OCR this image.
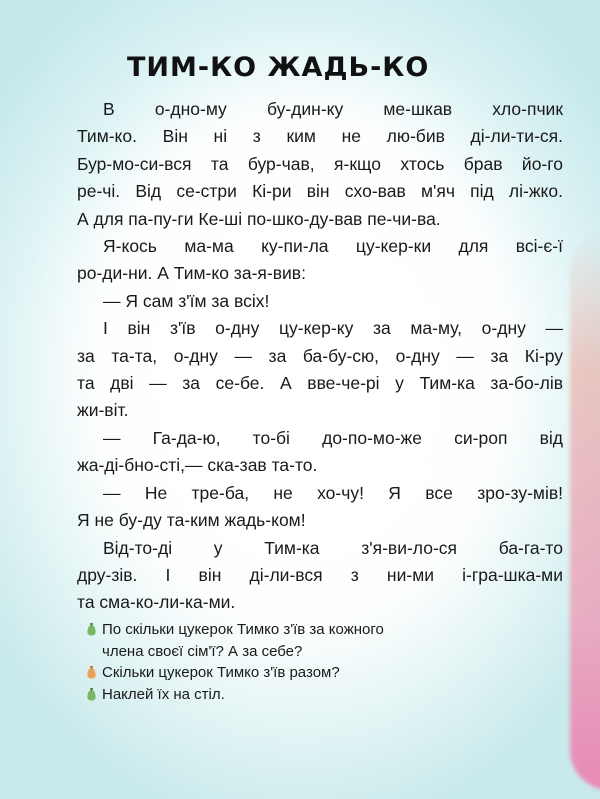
ТИМ-КО ЖАДЬ-КО

В о-дно-му бу-дин-ку ме-шкав хло-пчик

Тим-ко. Він ні з ким не лю-бив ді-ли-ти-ся.

Бур-мо-си-вся та бур-чав, я-кщо хтось брав йо-го

ре-чі. Від се-стри Кі-ри він схо-вав м'яч під лі-жко.

А для па-пу-ги Ке-ші по-шко-ду-вав пе-чи-ва.

Я-кось ма-ма ку-пи-ла цу-кер-ки для всі-є-ї

ро-ди-ни. А Тим-ко за-я-вив:

— Я сам з'їм за всіх!

І він з'їв о-дну цу-кер-ку за ма-му, о-дну —

за та-та, о-дну — за ба-бу-сю, о-дну — за Кі-ру

та дві — за се-бе. А вве-че-рі у Тим-ка за-бо-лів

жи-віт.

— Га-да-ю, то-бі до-по-мо-же си-роп від

жа-ді-бно-сті,— ска-зав та-то.

— Не тре-ба, не хо-чу! Я все зро-зу-мів!

Я не бу-ду та-ким жадь-ком!

Від-то-ді у Тим-ка з'я-ви-ло-ся ба-га-то

дру-зів. І він ді-ли-вся з ни-ми і-гра-шка-ми

та сма-ко-ли-ка-ми.

По скільки цукерок Тимко з'їв за кожного
члена своєї сім'ї? А за себе?
Скільки цукерок Тимко з'їв разом?
Наклей їх на стіл.
